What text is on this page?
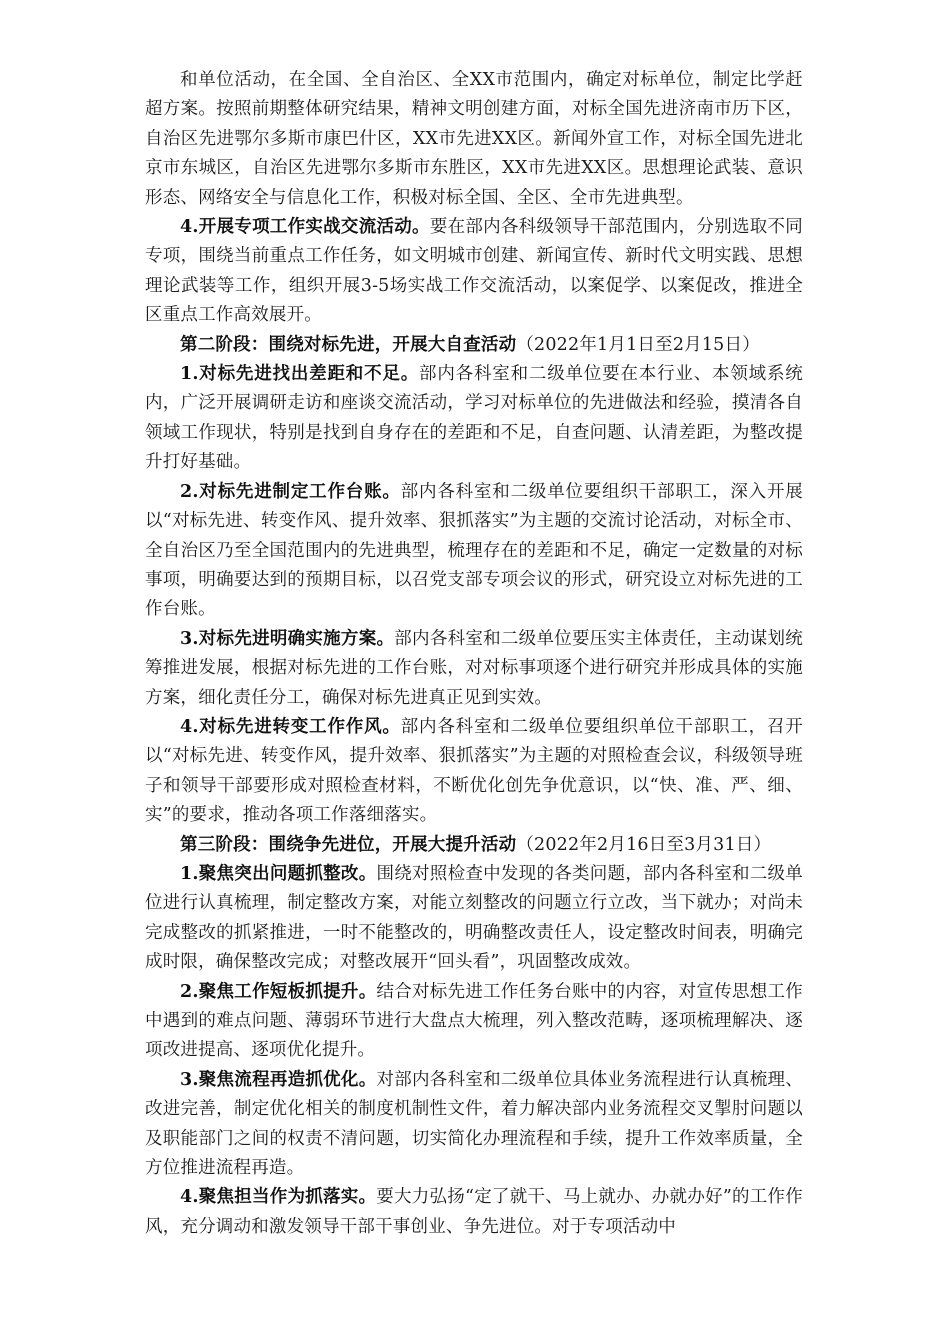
和单位活动，在全国、全自治区、全XX市范围内，确定对标单位，制定比学赶超方案。按照前期整体研究结果，精神文明创建方面，对标全国先进济南市历下区，自治区先进鄂尔多斯市康巴什区，XX市先进XX区。新闻外宣工作，对标全国先进北京市东城区，自治区先进鄂尔多斯市东胜区，XX市先进XX区。思想理论武装、意识形态、网络安全与信息化工作，积极对标全国、全区、全市先进典型。

4.开展专项工作实战交流活动。要在部内各科级领导干部范围内，分别选取不同专项，围绕当前重点工作任务，如文明城市创建、新闻宣传、新时代文明实践、思想理论武装等工作，组织开展3-5场实战工作交流活动，以案促学、以案促改，推进全区重点工作高效展开。

第二阶段：围绕对标先进，开展大自查活动（2022年1月1日至2月15日）

1.对标先进找出差距和不足。部内各科室和二级单位要在本行业、本领域系统内，广泛开展调研走访和座谈交流活动，学习对标单位的先进做法和经验，摸清各自领域工作现状，特别是找到自身存在的差距和不足，自查问题、认清差距，为整改提升打好基础。

2.对标先进制定工作台账。部内各科室和二级单位要组织干部职工，深入开展以“对标先进、转变作风、提升效率、狠抓落实”为主题的交流讨论活动，对标全市、全自治区乃至全国范围内的先进典型，梳理存在的差距和不足，确定一定数量的对标事项，明确要达到的预期目标，以召党支部专项会议的形式，研究设立对标先进的工作台账。

3.对标先进明确实施方案。部内各科室和二级单位要压实主体责任，主动谋划统筹推进发展，根据对标先进的工作台账，对对标事项逐个进行研究并形成具体的实施方案，细化责任分工，确保对标先进真正见到实效。

4.对标先进转变工作作风。部内各科室和二级单位要组织单位干部职工，召开以“对标先进、转变作风，提升效率、狠抓落实”为主题的对照检查会议，科级领导班子和领导干部要形成对照检查材料，不断优化创先争优意识，以“快、准、严、细、实”的要求，推动各项工作落细落实。

第三阶段：围绕争先进位，开展大提升活动（2022年2月16日至3月31日）

1.聚焦突出问题抓整改。围绕对照检查中发现的各类问题，部内各科室和二级单位进行认真梳理，制定整改方案，对能立刻整改的问题立行立改，当下就办；对尚未完成整改的抓紧推进，一时不能整改的，明确整改责任人，设定整改时间表，明确完成时限，确保整改完成；对整改展开“回头看”，巩固整改成效。

2.聚焦工作短板抓提升。结合对标先进工作任务台账中的内容，对宣传思想工作中遇到的难点问题、薄弱环节进行大盘点大梳理，列入整改范畴，逐项梳理解决、逐项改进提高、逐项优化提升。

3.聚焦流程再造抓优化。对部内各科室和二级单位具体业务流程进行认真梳理、改进完善，制定优化相关的制度机制性文件，着力解决部内业务流程交叉掣肘问题以及职能部门之间的权责不清问题，切实简化办理流程和手续，提升工作效率质量，全方位推进流程再造。

4.聚焦担当作为抓落实。要大力弘扬“定了就干、马上就办、办就办好”的工作作风，充分调动和激发领导干部干事创业、争先进位。对于专项活动中
